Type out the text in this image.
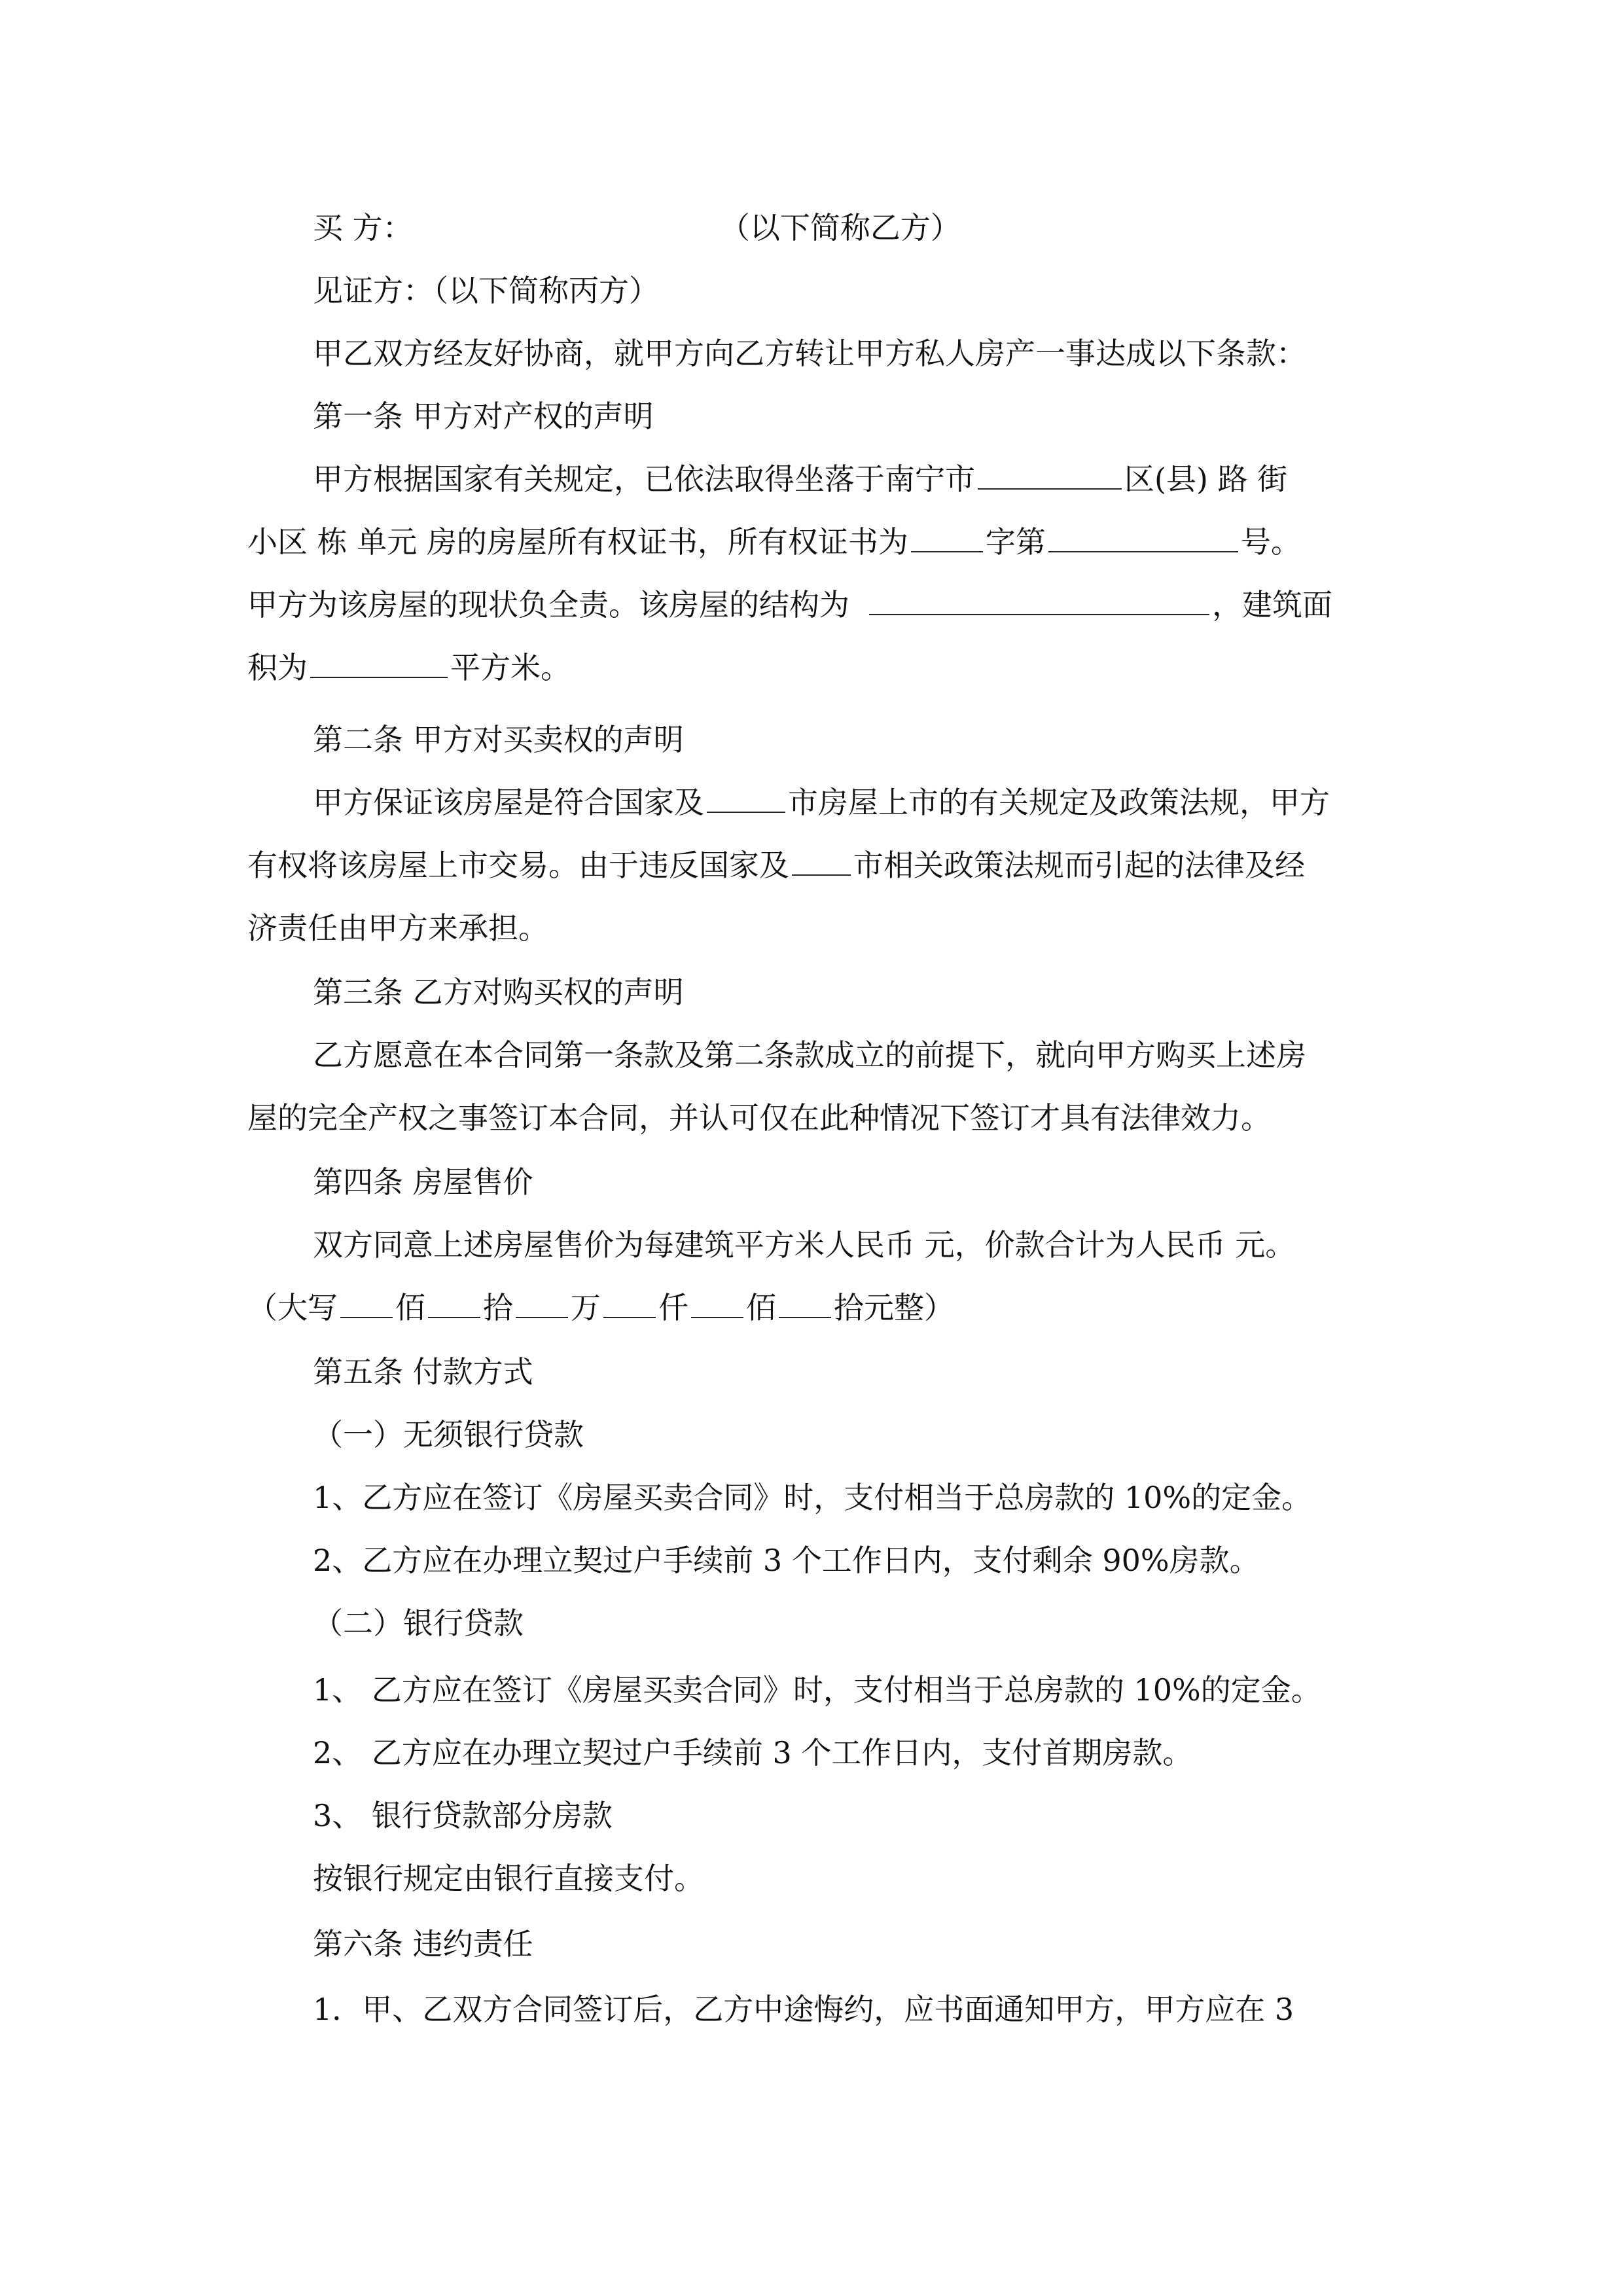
买 方：	（以下简称乙方）
见证方：（以下简称丙方）
甲乙双方经友好协商，就甲方向乙方转让甲方私人房产一事达成以下条款：
第一条 甲方对产权的声明
甲方根据国家有关规定，已依法取得坐落于南宁市	区(县) 路 街
小区 栋 单元 房的房屋所有权证书，所有权证书为	字第	号。
甲方为该房屋的现状负全责。该房屋的结构为	，建筑面
积为	平方米。
第二条 甲方对买卖权的声明
甲方保证该房屋是符合国家及	市房屋上市的有关规定及政策法规，甲方
有权将该房屋上市交易。由于违反国家及 市相关政策法规而引起的法律及经
济责任由甲方来承担。
第三条 乙方对购买权的声明
乙方愿意在本合同第一条款及第二条款成立的前提下，就向甲方购买上述房
屋的完全产权之事签订本合同，并认可仅在此种情况下签订才具有法律效力。
第四条 房屋售价
双方同意上述房屋售价为每建筑平方米人民币 元，价款合计为人民币 元。
（大写 佰 拾 万 仟 佰 拾元整）
第五条 付款方式
（一）无须银行贷款
1、乙方应在签订《房屋买卖合同》时，支付相当于总房款的 10%的定金。
2、乙方应在办理立契过户手续前 3 个工作日内，支付剩余 90%房款。
（二）银行贷款
1、 乙方应在签订《房屋买卖合同》时，支付相当于总房款的 10%的定金。
2、 乙方应在办理立契过户手续前 3 个工作日内，支付首期房款。
3、 银行贷款部分房款
按银行规定由银行直接支付。
第六条 违约责任
1．甲、乙双方合同签订后，乙方中途悔约，应书面通知甲方，甲方应在 3
